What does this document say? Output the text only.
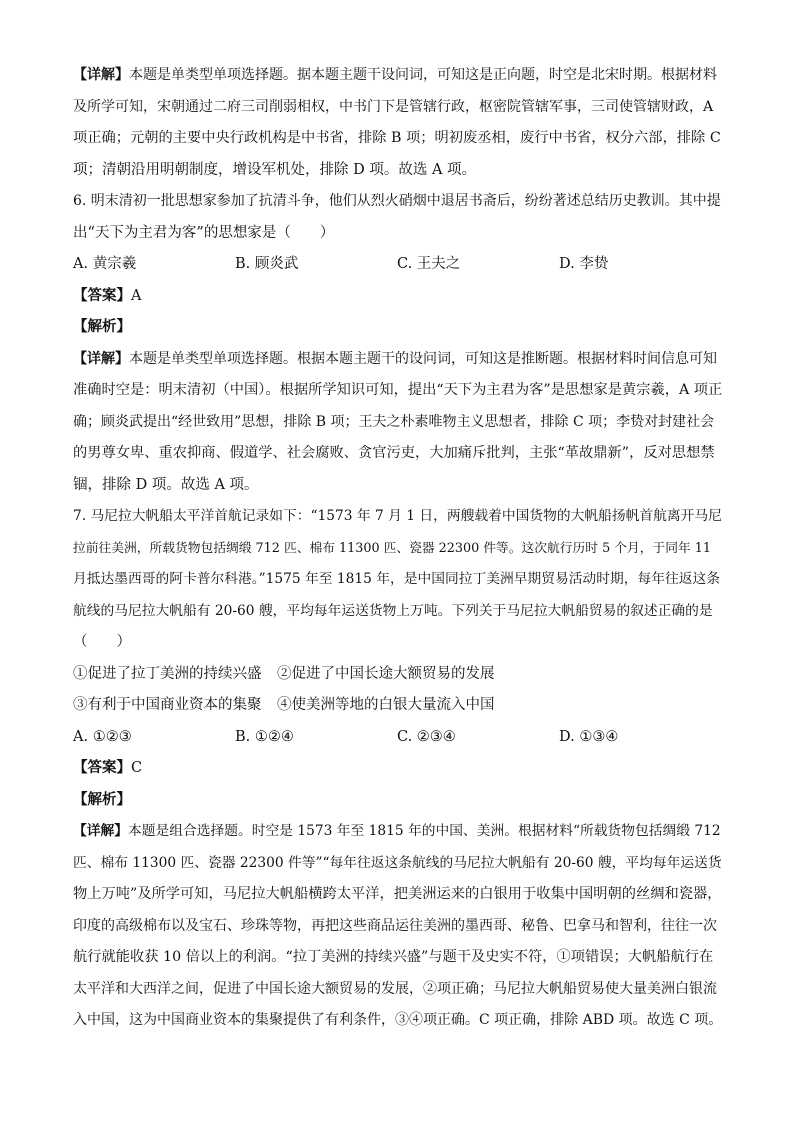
【详解】本题是单类型单项选择题。据本题主题干设问词，可知这是正向题，时空是北宋时期。根据材料
及所学可知，宋朝通过二府三司削弱相权，中书门下是管辖行政，枢密院管辖军事，三司使管辖财政，A
项正确；元朝的主要中央行政机构是中书省，排除 B 项；明初废丞相，废行中书省，权分六部，排除 C
项；清朝沿用明朝制度，增设军机处，排除 D 项。故选 A 项。
6. 明末清初一批思想家参加了抗清斗争，他们从烈火硝烟中退居书斋后，纷纷著述总结历史教训。其中提
出“天下为主君为客”的思想家是（　　）
A. 黄宗羲	B. 顾炎武	C. 王夫之	D. 李贽
【答案】A
【解析】
【详解】本题是单类型单项选择题。根据本题主题干的设问词，可知这是推断题。根据材料时间信息可知
准确时空是：明末清初（中国）。根据所学知识可知，提出“天下为主君为客”是思想家是黄宗羲，A 项正
确；顾炎武提出“经世致用”思想，排除 B 项；王夫之朴素唯物主义思想者，排除 C 项；李贽对封建社会
的男尊女卑、重农抑商、假道学、社会腐败、贪官污吏，大加痛斥批判，主张“革故鼎新”，反对思想禁
锢，排除 D 项。故选 A 项。
7. 马尼拉大帆船太平洋首航记录如下：“1573 年 7 月 1 日，两艘载着中国货物的大帆船扬帆首航离开马尼
拉前往美洲，所载货物包括绸缎 712 匹、棉布 11300 匹、瓷器 22300 件等。这次航行历时 5 个月，于同年 11
月抵达墨西哥的阿卡普尔科港。”1575 年至 1815 年，是中国同拉丁美洲早期贸易活动时期，每年往返这条
航线的马尼拉大帆船有 20-60 艘，平均每年运送货物上万吨。下列关于马尼拉大帆船贸易的叙述正确的是
（　　）
①促进了拉丁美洲的持续兴盛	②促进了中国长途大额贸易的发展
③有利于中国商业资本的集聚	④使美洲等地的白银大量流入中国
A. ①②③	B. ①②④	C. ②③④	D. ①③④
【答案】C
【解析】
【详解】本题是组合选择题。时空是 1573 年至 1815 年的中国、美洲。根据材料“所载货物包括绸缎 712
匹、棉布 11300 匹、瓷器 22300 件等”“每年往返这条航线的马尼拉大帆船有 20-60 艘，平均每年运送货
物上万吨”及所学可知，马尼拉大帆船横跨太平洋，把美洲运来的白银用于收集中国明朝的丝绸和瓷器，
印度的高级棉布以及宝石、珍珠等物，再把这些商品运往美洲的墨西哥、秘鲁、巴拿马和智利，往往一次
航行就能收获 10 倍以上的利润。“拉丁美洲的持续兴盛”与题干及史实不符，①项错误；大帆船航行在
太平洋和大西洋之间，促进了中国长途大额贸易的发展，②项正确；马尼拉大帆船贸易使大量美洲白银流
入中国，这为中国商业资本的集聚提供了有利条件，③④项正确。C 项正确，排除 ABD 项。故选 C 项。
